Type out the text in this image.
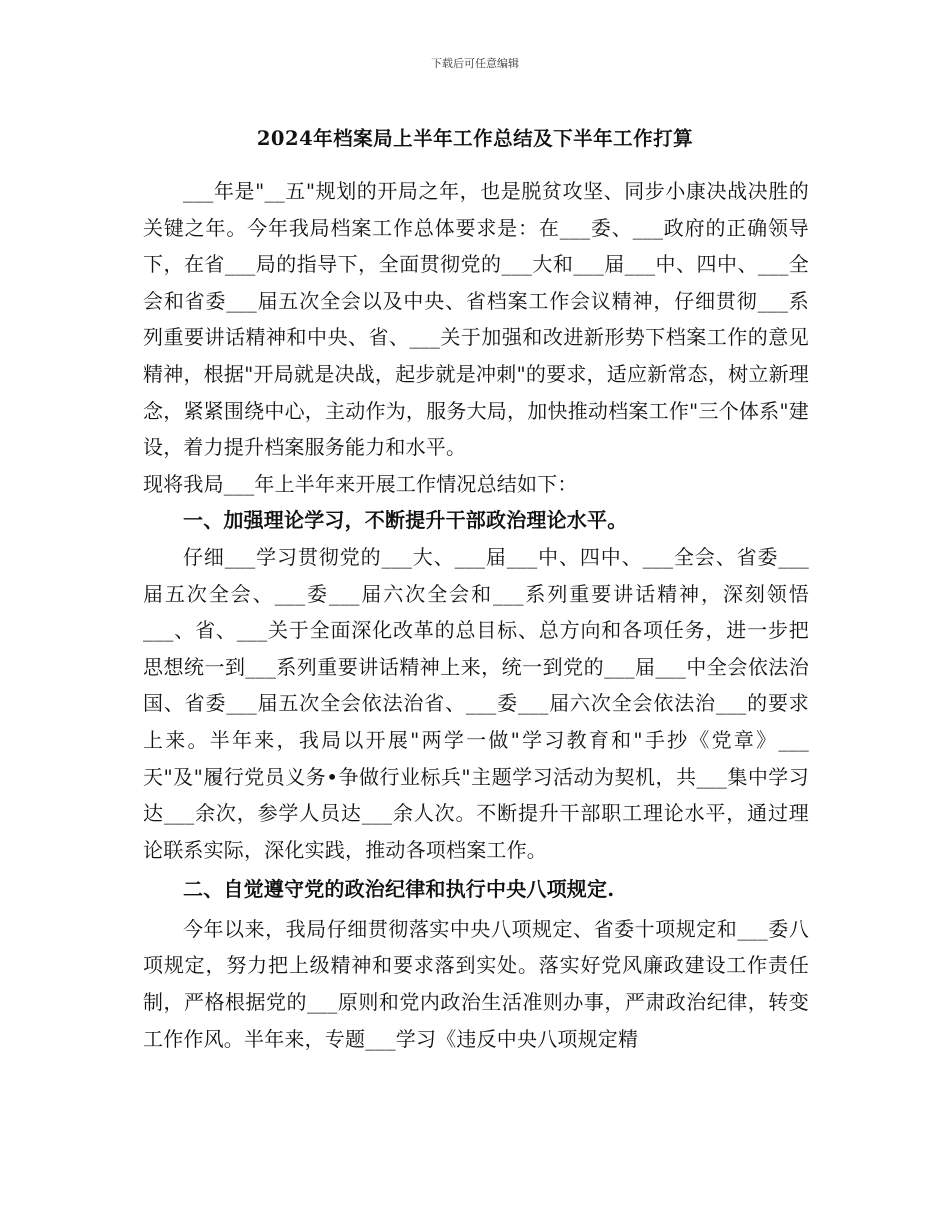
下载后可任意编辑
2024年档案局上半年工作总结及下半年工作打算

___年是"__五"规划的开局之年，也是脱贫攻坚、同步小康决战决胜的关键之年。今年我局档案工作总体要求是：在___委、___政府的正确领导下，在省___局的指导下，全面贯彻党的___大和___届___中、四中、___全会和省委___届五次全会以及中央、省档案工作会议精神，仔细贯彻___系列重要讲话精神和中央、省、___关于加强和改进新形势下档案工作的意见精神，根据"开局就是决战，起步就是冲刺"的要求，适应新常态，树立新理念，紧紧围绕中心，主动作为，服务大局，加快推动档案工作"三个体系"建设，着力提升档案服务能力和水平。

现将我局___年上半年来开展工作情况总结如下：

一、加强理论学习，不断提升干部政治理论水平。

仔细___学习贯彻党的___大、___届___中、四中、___全会、省委___届五次全会、___委___届六次全会和___系列重要讲话精神，深刻领悟___、省、___关于全面深化改革的总目标、总方向和各项任务，进一步把思想统一到___系列重要讲话精神上来，统一到党的___届___中全会依法治国、省委___届五次全会依法治省、___委___届六次全会依法治___的要求上来。半年来，我局以开展"两学一做"学习教育和"手抄《党章》___天"及"履行党员义务•争做行业标兵"主题学习活动为契机，共___集中学习达___余次，参学人员达___余人次。不断提升干部职工理论水平，通过理论联系实际，深化实践，推动各项档案工作。

二、自觉遵守党的政治纪律和执行中央八项规定.

今年以来，我局仔细贯彻落实中央八项规定、省委十项规定和___委八项规定，努力把上级精神和要求落到实处。落实好党风廉政建设工作责任制，严格根据党的___原则和党内政治生活准则办事，严肃政治纪律，转变工作作风。半年来，专题___学习《违反中央八项规定精
